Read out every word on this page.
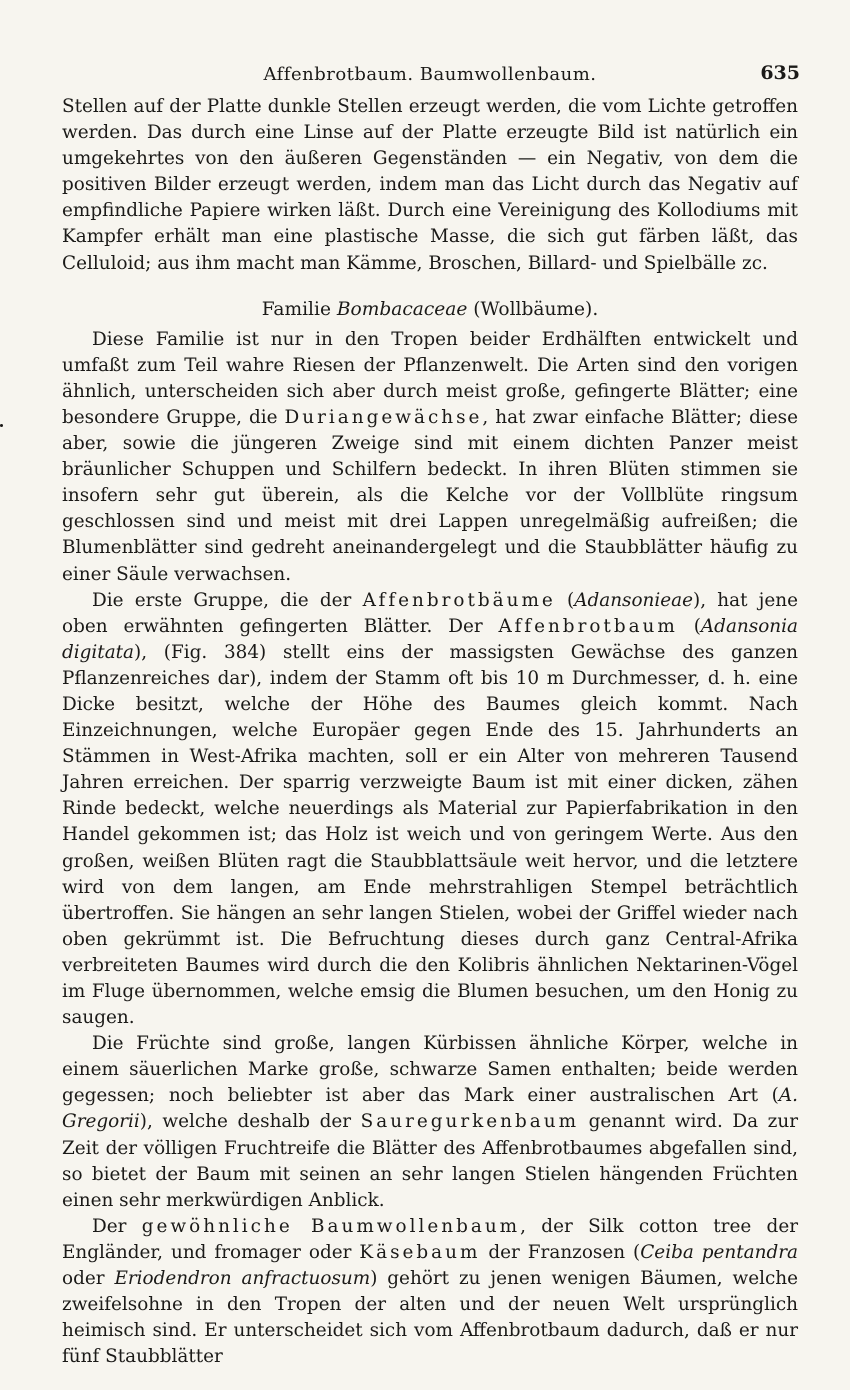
Affenbrotbaum. Baumwollenbaum.	635

Stellen auf der Platte dunkle Stellen erzeugt werden, die vom Lichte getroffen werden. Das durch eine Linse auf der Platte erzeugte Bild ist natürlich ein umgekehrtes von den äußeren Gegenständen — ein Negativ, von dem die positiven Bilder erzeugt werden, indem man das Licht durch das Negativ auf empfindliche Papiere wirken läßt. Durch eine Vereinigung des Kollodiums mit Kampfer erhält man eine plastische Masse, die sich gut färben läßt, das Celluloid; aus ihm macht man Kämme, Broschen, Billard- und Spielbälle zc.

Familie Bombacaceae (Wollbäume).

Diese Familie ist nur in den Tropen beider Erdhälften entwickelt und umfaßt zum Teil wahre Riesen der Pflanzenwelt. Die Arten sind den vorigen ähnlich, unterscheiden sich aber durch meist große, gefingerte Blätter; eine besondere Gruppe, die Duriangewächse, hat zwar einfache Blätter; diese aber, sowie die jüngeren Zweige sind mit einem dichten Panzer meist bräunlicher Schuppen und Schilfern bedeckt. In ihren Blüten stimmen sie insofern sehr gut überein, als die Kelche vor der Vollblüte ringsum geschlossen sind und meist mit drei Lappen unregelmäßig aufreißen; die Blumenblätter sind gedreht aneinandergelegt und die Staubblätter häufig zu einer Säule verwachsen.

Die erste Gruppe, die der Affenbrotbäume (Adansonieae), hat jene oben erwähnten gefingerten Blätter. Der Affenbrotbaum (Adansonia digitata), (Fig. 384) stellt eins der massigsten Gewächse des ganzen Pflanzenreiches dar), indem der Stamm oft bis 10 m Durchmesser, d. h. eine Dicke besitzt, welche der Höhe des Baumes gleich kommt. Nach Einzeichnungen, welche Europäer gegen Ende des 15. Jahrhunderts an Stämmen in West-Afrika machten, soll er ein Alter von mehreren Tausend Jahren erreichen. Der sparrig verzweigte Baum ist mit einer dicken, zähen Rinde bedeckt, welche neuerdings als Material zur Papierfabrikation in den Handel gekommen ist; das Holz ist weich und von geringem Werte. Aus den großen, weißen Blüten ragt die Staubblattsäule weit hervor, und die letztere wird von dem langen, am Ende mehrstrahligen Stempel beträchtlich übertroffen. Sie hängen an sehr langen Stielen, wobei der Griffel wieder nach oben gekrümmt ist. Die Befruchtung dieses durch ganz Central-Afrika verbreiteten Baumes wird durch die den Kolibris ähnlichen Nektarinen-Vögel im Fluge übernommen, welche emsig die Blumen besuchen, um den Honig zu saugen.

Die Früchte sind große, langen Kürbissen ähnliche Körper, welche in einem säuerlichen Marke große, schwarze Samen enthalten; beide werden gegessen; noch beliebter ist aber das Mark einer australischen Art (A. Gregorii), welche deshalb der Sauregurkenbaum genannt wird. Da zur Zeit der völligen Fruchtreife die Blätter des Affenbrotbaumes abgefallen sind, so bietet der Baum mit seinen an sehr langen Stielen hängenden Früchten einen sehr merkwürdigen Anblick.

Der gewöhnliche Baumwollenbaum, der Silk cotton tree der Engländer, und fromager oder Käsebaum der Franzosen (Ceiba pentandra oder Eriodendron anfractuosum) gehört zu jenen wenigen Bäumen, welche zweifelsohne in den Tropen der alten und der neuen Welt ursprünglich heimisch sind. Er unterscheidet sich vom Affenbrotbaum dadurch, daß er nur fünf Staubblätter
